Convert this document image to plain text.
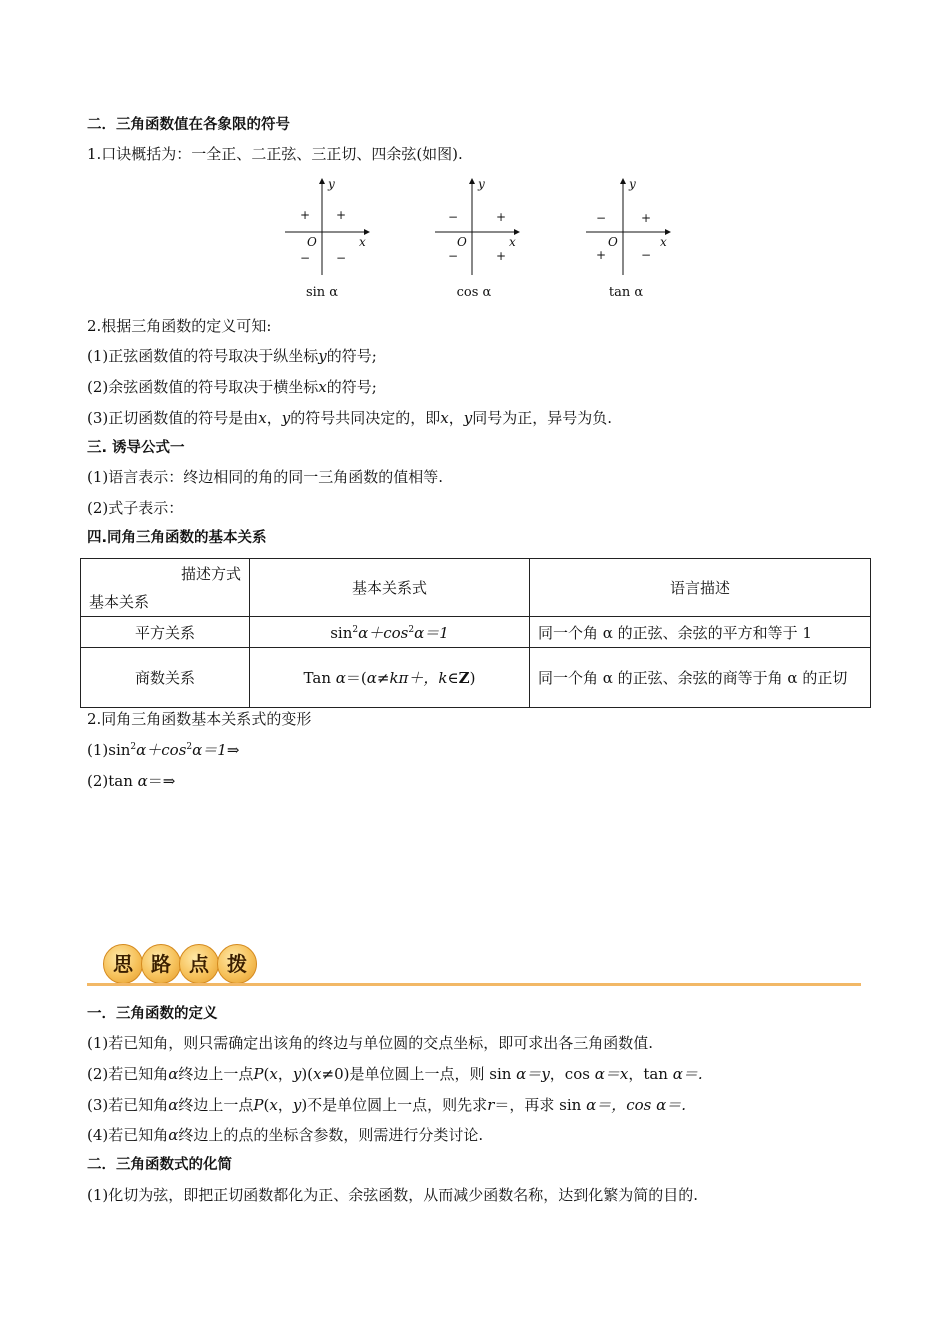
二．三角函数值在各象限的符号
1.口诀概括为：一全正、二正弦、三正切、四余弦(如图).
y
x
O
+
+
− −
sin α
y
x
O
+
−
−	+
cos α
y
x
O
+
−
+	−
tan α
2.根据三角函数的定义可知:
(1)正弦函数值的符号取决于纵坐标y的符号;
(2)余弦函数值的符号取决于横坐标x的符号;
(3)正切函数值的符号是由x，y的符号共同决定的，即x，y同号为正，异号为负.
三. 诱导公式一
(1)语言表示：终边相同的角的同一三角函数的值相等.
(2)式子表示：
四.同角三角函数的基本关系
描述方式
基本关系	基本关系式	语言描述
平方关系	$\sin^2\alpha+\cos^2\alpha=1$	同一个角 α 的正弦、余弦的平方和等于 1
商数关系	Tan α＝(α≠kπ＋，k∈Z)	同一个角 α 的正弦、余弦的商等于角 α 的正切
2.同角三角函数基本关系式的变形
$(1)\sin^2\alpha+\cos^2\alpha=1\Rightarrow$
(2)tan α＝⇒
思 路 点 拨
一．三角函数的定义
(1)若已知角，则只需确定出该角的终边与单位圆的交点坐标，即可求出各三角函数值.
(2)若已知角α终边上一点P(x，y)(x≠0)是单位圆上一点，则 sin α＝y，cos α＝x，tan α＝.
(3)若已知角α终边上一点P(x，y)不是单位圆上一点，则先求r＝，再求 sin α＝，cos α＝.
(4)若已知角α终边上的点的坐标含参数，则需进行分类讨论.
二．三角函数式的化简
(1)化切为弦，即把正切函数都化为正、余弦函数，从而减少函数名称，达到化繁为简的目的.
